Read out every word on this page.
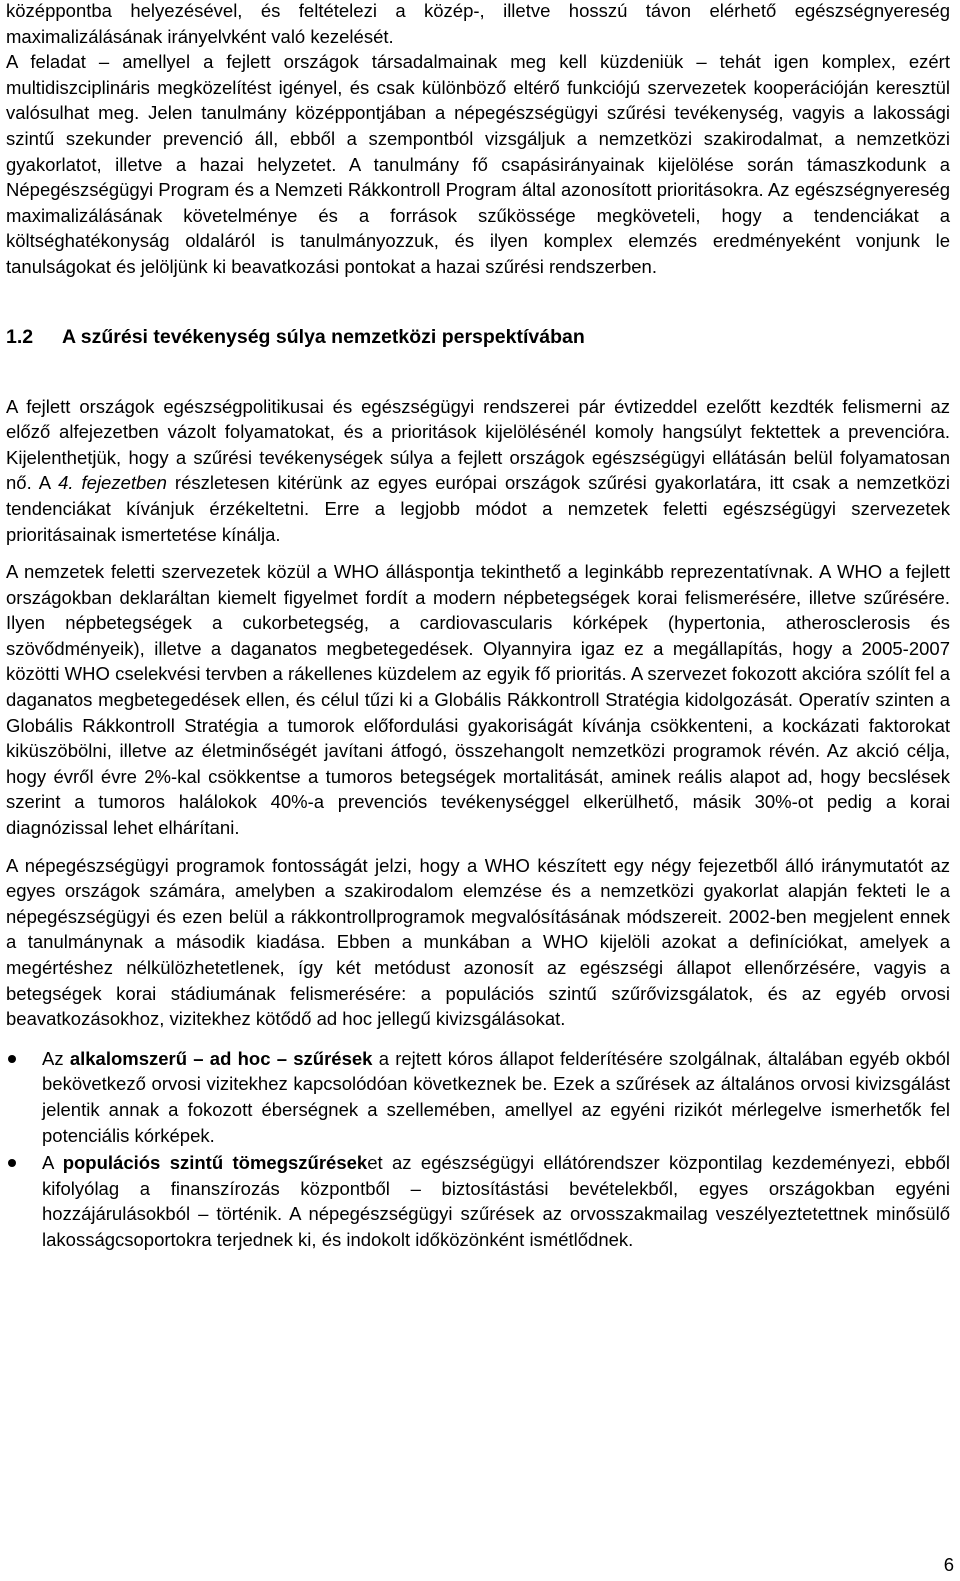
középpontba helyezésével, és feltételezi a közép-, illetve hosszú távon elérhető egészségnyereség maximalizálásának irányelvként való kezelését.

A feladat – amellyel a fejlett országok társadalmainak meg kell küzdeniük – tehát igen komplex, ezért multidiszciplináris megközelítést igényel, és csak különböző eltérő funkciójú szervezetek kooperációján keresztül valósulhat meg. Jelen tanulmány középpontjában a népegészségügyi szűrési tevékenység, vagyis a lakossági szintű szekunder prevenció áll, ebből a szempontból vizsgáljuk a nemzetközi szakirodalmat, a nemzetközi gyakorlatot, illetve a hazai helyzetet. A tanulmány fő csapásirányainak kijelölése során támaszkodunk a Népegészségügyi Program és a Nemzeti Rákkontroll Program által azonosított prioritásokra. Az egészségnyereség maximalizálásának követelménye és a források szűkössége megköveteli, hogy a tendenciákat a költséghatékonyság oldaláról is tanulmányozzuk, és ilyen komplex elemzés eredményeként vonjunk le tanulságokat és jelöljünk ki beavatkozási pontokat a hazai szűrési rendszerben.

1.2	A szűrési tevékenység súlya nemzetközi perspektívában

A fejlett országok egészségpolitikusai és egészségügyi rendszerei pár évtizeddel ezelőtt kezdték felismerni az előző alfejezetben vázolt folyamatokat, és a prioritások kijelölésénél komoly hangsúlyt fektettek a prevencióra. Kijelenthetjük, hogy a szűrési tevékenységek súlya a fejlett országok egészségügyi ellátásán belül folyamatosan nő. A 4. fejezetben részletesen kitérünk az egyes európai országok szűrési gyakorlatára, itt csak a nemzetközi tendenciákat kívánjuk érzékeltetni. Erre a legjobb módot a nemzetek feletti egészségügyi szervezetek prioritásainak ismertetése kínálja.

A nemzetek feletti szervezetek közül a WHO álláspontja tekinthető a leginkább reprezentatívnak. A WHO a fejlett országokban deklaráltan kiemelt figyelmet fordít a modern népbetegségek korai felismerésére, illetve szűrésére. Ilyen népbetegségek a cukorbetegség, a cardiovascularis kórképek (hypertonia, atherosclerosis és szövődményeik), illetve a daganatos megbetegedések. Olyannyira igaz ez a megállapítás, hogy a 2005-2007 közötti WHO cselekvési tervben a rákellenes küzdelem az egyik fő prioritás. A szervezet fokozott akcióra szólít fel a daganatos megbetegedések ellen, és célul tűzi ki a Globális Rákkontroll Stratégia kidolgozását. Operatív szinten a Globális Rákkontroll Stratégia a tumorok előfordulási gyakoriságát kívánja csökkenteni, a kockázati faktorokat kiküszöbölni, illetve az életminőségét javítani átfogó, összehangolt nemzetközi programok révén. Az akció célja, hogy évről évre 2%-kal csökkentse a tumoros betegségek mortalitását, aminek reális alapot ad, hogy becslések szerint a tumoros halálokok 40%-a prevenciós tevékenységgel elkerülhető, másik 30%-ot pedig a korai diagnózissal lehet elhárítani.

A népegészségügyi programok fontosságát jelzi, hogy a WHO készített egy négy fejezetből álló iránymutatót az egyes országok számára, amelyben a szakirodalom elemzése és a nemzetközi gyakorlat alapján fekteti le a népegészségügyi és ezen belül a rákkontrollprogramok megvalósításának módszereit. 2002-ben megjelent ennek a tanulmánynak a második kiadása. Ebben a munkában a WHO kijelöli azokat a definíciókat, amelyek a megértéshez nélkülözhetetlenek, így két metódust azonosít az egészségi állapot ellenőrzésére, vagyis a betegségek korai stádiumának felismerésére: a populációs szintű szűrővizsgálatok, és az egyéb orvosi beavatkozásokhoz, vizitekhez kötődő ad hoc jellegű kivizsgálásokat.

Az alkalomszerű – ad hoc – szűrések a rejtett kóros állapot felderítésére szolgálnak, általában egyéb okból bekövetkező orvosi vizitekhez kapcsolódóan következnek be. Ezek a szűrések az általános orvosi kivizsgálást jelentik annak a fokozott éberségnek a szellemében, amellyel az egyéni rizikót mérlegelve ismerhetők fel potenciális kórképek.
A populációs szintű tömegszűréseket az egészségügyi ellátórendszer központilag kezdeményezi, ebből kifolyólag a finanszírozás központből – biztosítástási bevételekből, egyes országokban egyéni hozzájárulásokból – történik. A népegészségügyi szűrések az orvosszakmailag veszélyeztetettnek minősülő lakosságcsoportokra terjednek ki, és indokolt időközönként ismétlődnek.
6
